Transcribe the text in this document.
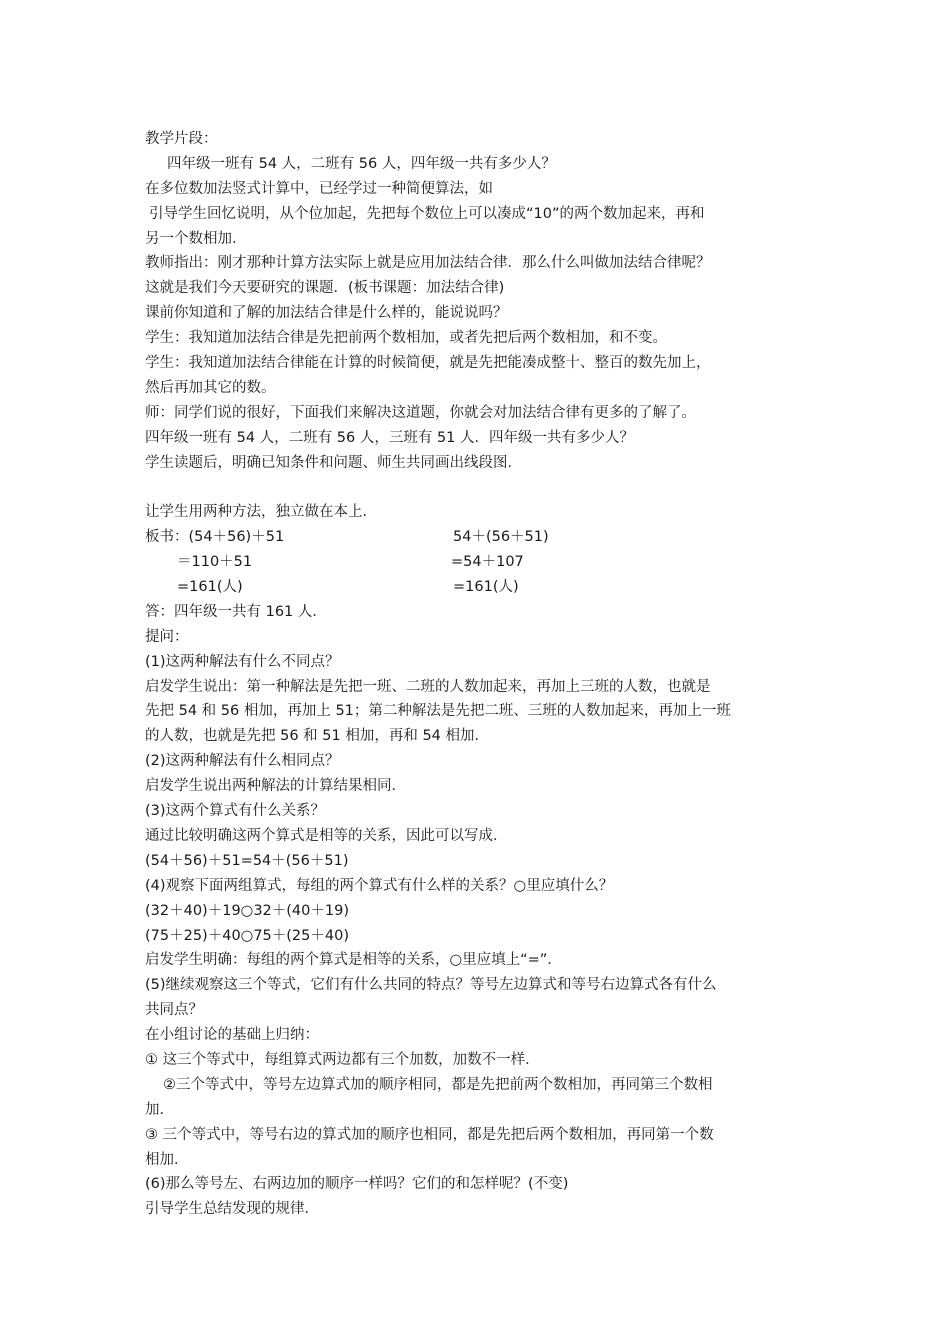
教学片段：
四年级一班有 54 人，二班有 56 人，四年级一共有多少人？
在多位数加法竖式计算中，已经学过一种简便算法，如
引导学生回忆说明，从个位加起，先把每个数位上可以凑成“10”的两个数加起来，再和
另一个数相加．
教师指出：刚才那种计算方法实际上就是应用加法结合律．那么什么叫做加法结合律呢？
这就是我们今天要研究的课题．(板书课题：加法结合律)
课前你知道和了解的加法结合律是什么样的，能说说吗？
学生：我知道加法结合律是先把前两个数相加，或者先把后两个数相加，和不变。
学生：我知道加法结合律能在计算的时候简便，就是先把能凑成整十、整百的数先加上，
然后再加其它的数。
师：同学们说的很好，下面我们来解决这道题，你就会对加法结合律有更多的了解了。
四年级一班有 54 人，二班有 56 人，三班有 51 人．四年级一共有多少人？
学生读题后，明确已知条件和问题、师生共同画出线段图．
让学生用两种方法，独立做在本上．
板书：(54＋56)＋51	54＋(56＋51)
＝110＋51	=54＋107
=161(人)	=161(人)
答：四年级一共有 161 人．
提问：
(1)这两种解法有什么不同点？
启发学生说出：第一种解法是先把一班、二班的人数加起来，再加上三班的人数，也就是
先把 54 和 56 相加，再加上 51；第二种解法是先把二班、三班的人数加起来，再加上一班
的人数，也就是先把 56 和 51 相加，再和 54 相加．
(2)这两种解法有什么相同点？
启发学生说出两种解法的计算结果相同．
(3)这两个算式有什么关系？
通过比较明确这两个算式是相等的关系，因此可以写成．
(54＋56)＋51=54＋(56＋51)
(4)观察下面两组算式，每组的两个算式有什么样的关系？○里应填什么？
(32＋40)＋19○32＋(40＋19)
(75＋25)＋40○75＋(25＋40)
启发学生明确：每组的两个算式是相等的关系，○里应填上“=”．
(5)继续观察这三个等式，它们有什么共同的特点？等号左边算式和等号右边算式各有什么
共同点？
在小组讨论的基础上归纳：
① 这三个等式中，每组算式两边都有三个加数，加数不一样．
②三个等式中，等号左边算式加的顺序相同，都是先把前两个数相加，再同第三个数相
加．
③ 三个等式中，等号右边的算式加的顺序也相同，都是先把后两个数相加，再同第一个数
相加．
(6)那么等号左、右两边加的顺序一样吗？它们的和怎样呢？(不变)
引导学生总结发现的规律．
